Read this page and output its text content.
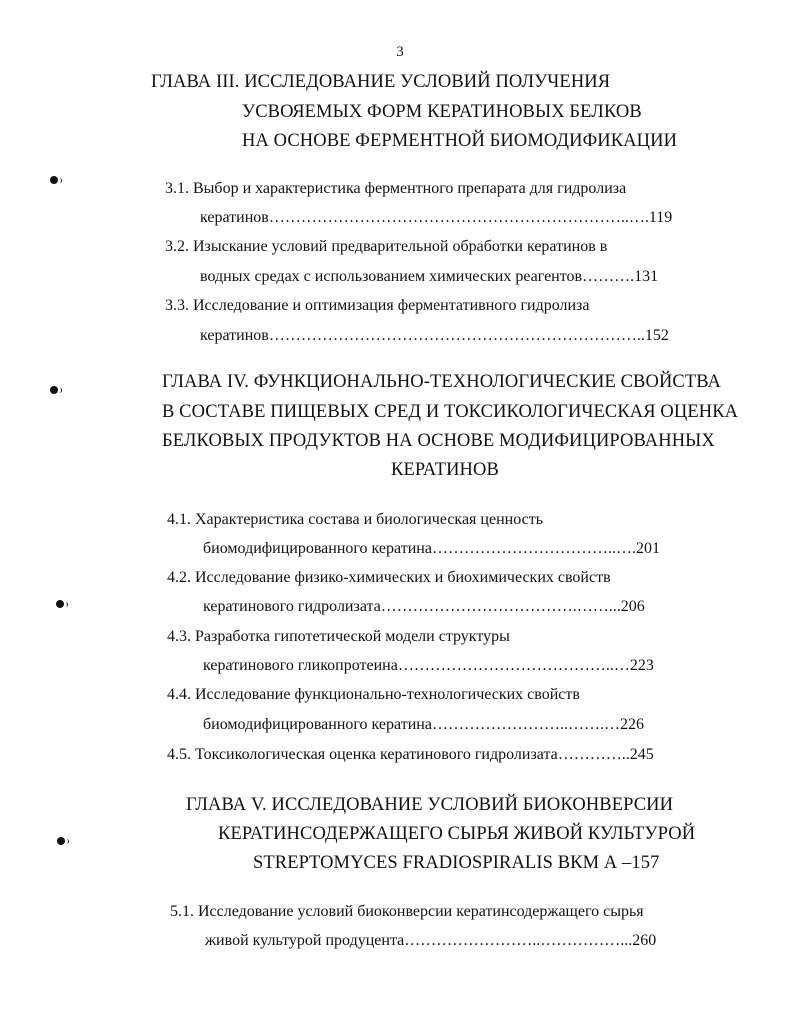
3
ГЛАВА III. ИССЛЕДОВАНИЕ УСЛОВИЙ ПОЛУЧЕНИЯ
УСВОЯЕМЫХ ФОРМ КЕРАТИНОВЫХ БЕЛКОВ
НА ОСНОВЕ ФЕРМЕНТНОЙ БИОМОДИФИКАЦИИ
3.1. Выбор и характеристика ферментного препарата для гидролиза
кератинов…………………………………………………………..….119
3.2. Изыскание условий предварительной обработки кератинов в
водных средах с использованием химических реагентов……….131
3.3. Исследование и оптимизация ферментативного гидролиза
кератинов……………………………………………………………..152
ГЛАВА IV. ФУНКЦИОНАЛЬНО-ТЕХНОЛОГИЧЕСКИЕ СВОЙСТВА
В СОСТАВЕ ПИЩЕВЫХ СРЕД И ТОКСИКОЛОГИЧЕСКАЯ ОЦЕНКА
БЕЛКОВЫХ ПРОДУКТОВ НА ОСНОВЕ МОДИФИЦИРОВАННЫХ
КЕРАТИНОВ
4.1. Характеристика состава и биологическая ценность
биомодифицированного кератина……………………………..….201
4.2. Исследование физико-химических и биохимических свойств
кератинового гидролизата……………………………….……...206
4.3. Разработка гипотетической модели структуры
кератинового гликопротеина…………………………………..…223
4.4. Исследование функционально-технологических свойств
биомодифицированного кератина……………………..…….…226
4.5. Токсикологическая оценка кератинового гидролизата…………..245
ГЛАВА V. ИССЛЕДОВАНИЕ УСЛОВИЙ БИОКОНВЕРСИИ
КЕРАТИНСОДЕРЖАЩЕГО СЫРЬЯ ЖИВОЙ КУЛЬТУРОЙ
STREPTOMYCES FRADIOSPIRALIS ВКМ А –157
5.1. Исследование условий биоконверсии кератинсодержащего сырья
живой культурой продуцента……………………..……………...260
